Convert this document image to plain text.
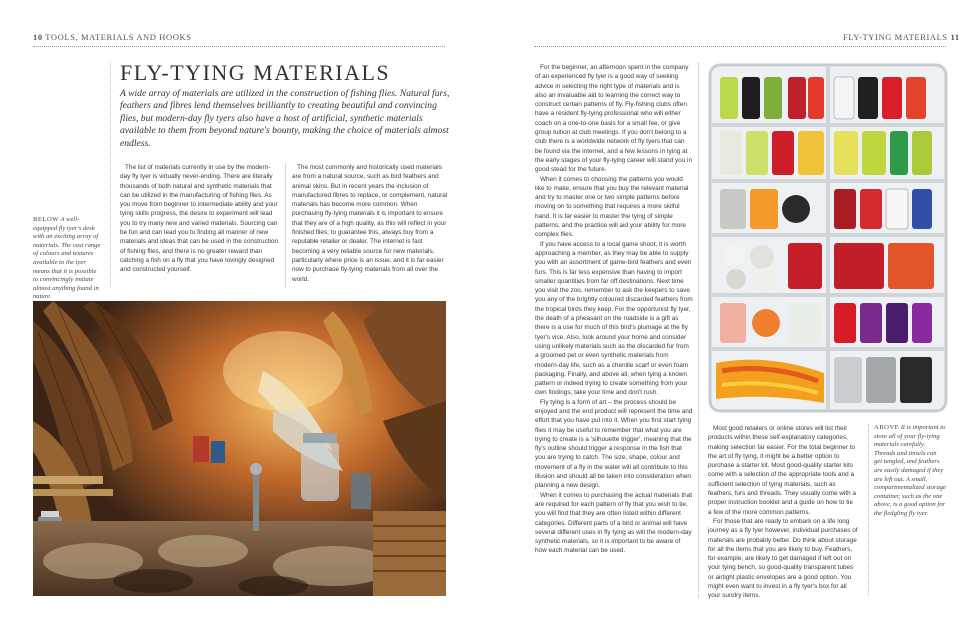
10 TOOLS, MATERIALS AND HOOKS
FLY-TYING MATERIALS

A wide array of materials are utilized in the construction of fishing flies. Natural furs, feathers and fibres lend themselves brilliantly to creating beautiful and convincing flies, but modern-day fly tyers also have a host of artificial, synthetic materials available to them from beyond nature's bounty, making the choice of materials almost endless.

BELOW A well-equipped fly tyer's desk with an exciting array of materials. The vast range of colours and textures available to the tyer means that it is possible to convincingly imitate almost anything found in nature.

The list of materials currently in use by the modern-day fly tyer is virtually never-ending. There are literally thousands of both natural and synthetic materials that can be utilized in the manufacturing of fishing flies. As you move from beginner to intermediate ability and your tying skills progress, the desire to experiment will lead you to try many new and varied materials. Sourcing can be fun and can lead you to finding all manner of new materials and ideas that can be used in the construction of fishing flies, and there is no greater reward than catching a fish on a fly that you have lovingly designed and constructed yourself.

The most commonly and historically used materials are from a natural source, such as bird feathers and animal skins. But in recent years the inclusion of manufactured fibres to replace, or complement, natural materials has become more common. When purchasing fly-tying materials it is important to ensure that they are of a high quality, as this will reflect in your finished flies; to guarantee this, always buy from a reputable retailer or dealer. The internet is fast becoming a very reliable source for new materials, particularly where price is an issue, and it is far easier now to purchase fly-tying materials from all over the world.

FLY-TYING MATERIALS 11

For the beginner, an afternoon spent in the company of an experienced fly tyer is a good way of seeking advice in selecting the right type of materials and is also an invaluable aid to learning the correct way to construct certain patterns of fly. Fly-fishing clubs often have a resident fly-tying professional who will either coach on a one-to-one basis for a small fee, or give group tuition at club meetings. If you don't belong to a club there is a worldwide network of fly tyers that can be found via the internet, and a few lessons in tying at the early stages of your fly-tying career will stand you in good stead for the future.

When it comes to choosing the patterns you would like to make, ensure that you buy the relevant material and try to master one or two simple patterns before moving on to something that requires a more skilful hand. It is far easier to master the tying of simple patterns, and the practice will aid your ability for more complex flies.

If you have access to a local game shoot, it is worth approaching a member, as they may be able to supply you with an assortment of game-bird feathers and even furs. This is far less expensive than having to import smaller quantities from far off destinations. Next time you visit the zoo, remember to ask the keepers to save you any of the brightly coloured discarded feathers from the tropical birds they keep. For the opportunist fly tyer, the death of a pheasant on the roadside is a gift as there is a use for much of this bird's plumage at the fly tyer's vice. Also, look around your home and consider using unlikely materials such as the discarded fur from a groomed pet or even synthetic materials from modern-day life, such as a chenille scarf or even foam packaging. Finally, and above all, when tying a known pattern or indeed trying to create something from your own findings, take your time and don't rush.

Fly tying is a form of art – the process should be enjoyed and the end product will represent the time and effort that you have put into it. When you first start tying flies it may be useful to remember that what you are trying to create is a 'silhouette trigger', meaning that the fly's outline should trigger a response in the fish that you are trying to catch. The size, shape, colour and movement of a fly in the water will all contribute to this illusion and should all be taken into consideration when planning a new design.

When it comes to purchasing the actual materials that are required for each pattern of fly that you wish to tie, you will find that they are often listed within different categories. Different parts of a bird or animal will have several different uses in fly tying as will the modern-day synthetic materials, so it is important to be aware of how each material can be used.

Most good retailers or online stores will list their products within these self-explanatory categories, making selection far easier. For the total beginner to the art of fly tying, it might be a better option to purchase a starter kit. Most good-quality starter kits come with a selection of the appropriate tools and a sufficient selection of tying materials, such as feathers, furs and threads. They usually come with a proper instruction booklet and a guide on how to tie a few of the more common patterns.

For those that are ready to embark on a life long journey as a fly tyer however, individual purchases of materials are probably better. Do think about storage for all the items that you are likely to buy. Feathers, for example, are likely to get damaged if left out on your tying bench, so good-quality transparent tubes or airtight plastic envelopes are a good option. You might even want to invest in a fly tyer's box for all your sundry items.

ABOVE It is important to store all of your fly-tying materials carefully. Threads and tinsels can get tangled, and feathers are easily damaged if they are left out. A small, compartmentalized storage container, such as the one above, is a good option for the fledgling fly tyer.
